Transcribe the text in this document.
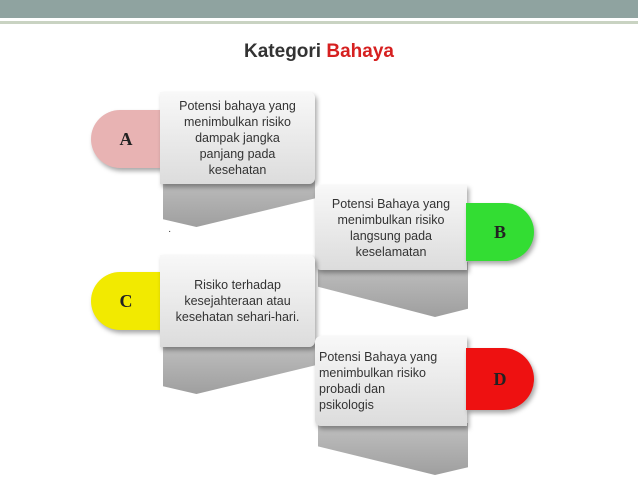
Kategori Bahaya
A
Potensi bahaya yang menimbulkan risiko dampak jangka panjang pada kesehatan
·
Potensi Bahaya yang menimbulkan risiko langsung pada keselamatan
B
C
Risiko terhadap kesejahteraan atau kesehatan sehari-hari.
Potensi Bahaya yang menimbulkan risiko probadi dan psikologis
D
